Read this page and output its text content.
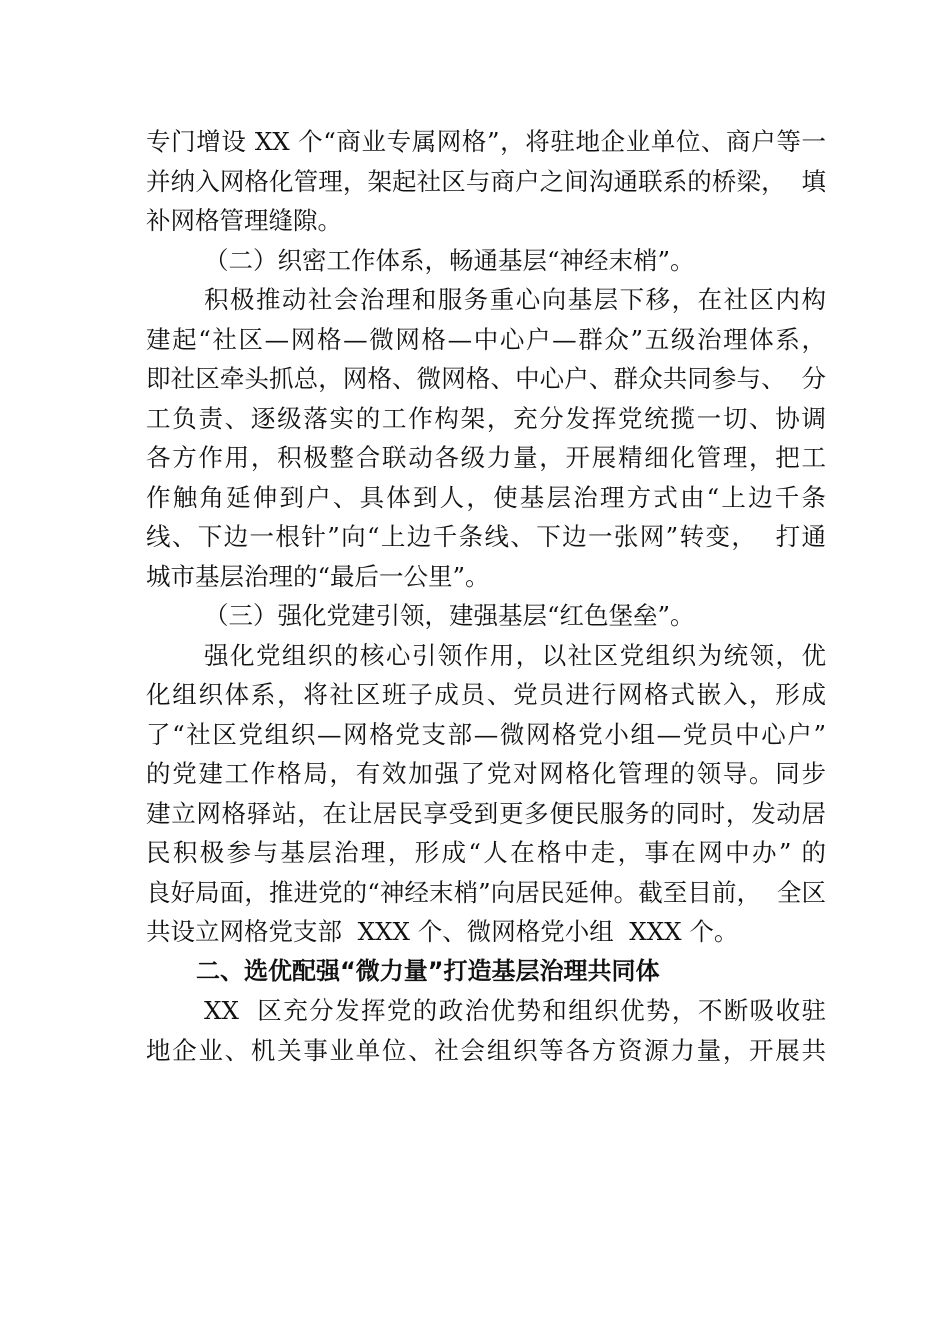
专门增设 XX 个“商业专属网格”，将驻地企业单位、商户等一
并纳入网格化管理，架起社区与商户之间沟通联系的桥梁，  填
补网格管理缝隙。
（二）织密工作体系，畅通基层“神经末梢”。
积极推动社会治理和服务重心向基层下移，在社区内构
建起“社区—网格—微网格—中心户—群众”五级治理体系，
即社区牵头抓总，网格、微网格、中心户、群众共同参与、  分
工负责、逐级落实的工作构架，充分发挥党统揽一切、协调
各方作用，积极整合联动各级力量，开展精细化管理，把工
作触角延伸到户、具体到人，使基层治理方式由“上边千条
线、下边一根针”向“上边千条线、下边一张网”转变，  打通
城市基层治理的“最后一公里”。
（三）强化党建引领，建强基层“红色堡垒”。
强化党组织的核心引领作用，以社区党组织为统领，优
化组织体系，将社区班子成员、党员进行网格式嵌入，形成
了“社区党组织—网格党支部—微网格党小组—党员中心户”
的党建工作格局，有效加强了党对网格化管理的领导。同步
建立网格驿站，在让居民享受到更多便民服务的同时，发动居
民积极参与基层治理，形成“人在格中走，事在网中办” 的
良好局面，推进党的“神经末梢”向居民延伸。截至目前，  全区
共设立网格党支部  XXX 个、微网格党小组  XXX 个。
二、选优配强“微力量”打造基层治理共同体
XX  区充分发挥党的政治优势和组织优势，不断吸收驻
地企业、机关事业单位、社会组织等各方资源力量，开展共
